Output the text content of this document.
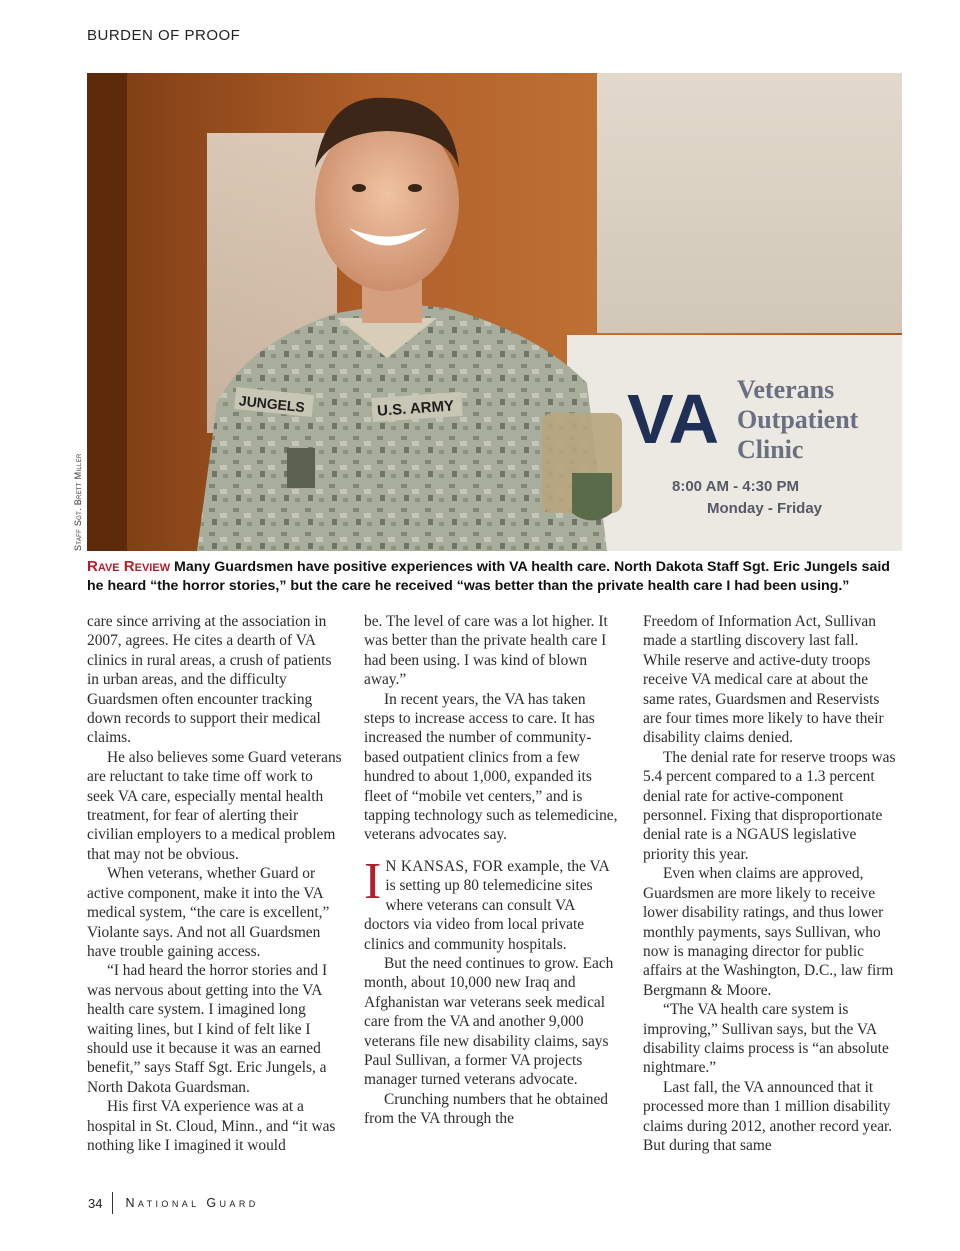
BURDEN OF PROOF
VA Veterans
Outpatient
Clinic
8:00 AM - 4:30 PM
Monday - Friday
JUNGELS	U.S. ARMY
Staff Sgt. Brett Miller
Rave Review Many Guardsmen have positive experiences with VA health care. North Dakota Staff Sgt. Eric Jungels said he heard “the horror stories,” but the care he received “was better than the private health care I had been using.”

care since arriving at the association in 2007, agrees. He cites a dearth of VA clinics in rural areas, a crush of patients in urban areas, and the difficulty Guardsmen often encounter tracking down records to support their medical claims.

He also believes some Guard veterans are reluctant to take time off work to seek VA care, especially mental health treatment, for fear of alerting their civilian employers to a medical problem that may not be obvious.

When veterans, whether Guard or active component, make it into the VA medical system, “the care is excellent,” Violante says. And not all Guardsmen have trouble gaining access.

“I had heard the horror stories and I was nervous about getting into the VA health care system. I imagined long waiting lines, but I kind of felt like I should use it because it was an earned benefit,” says Staff Sgt. Eric Jungels, a North Dakota Guardsman.

His first VA experience was at a hospital in St. Cloud, Minn., and “it was nothing like I imagined it would

be. The level of care was a lot higher. It was better than the private health care I had been using. I was kind of blown away.”

In recent years, the VA has taken steps to increase access to care. It has increased the number of community-based outpatient clinics from a few hundred to about 1,000, expanded its fleet of “mobile vet centers,” and is tapping technology such as telemedicine, veterans advocates say.

I N KANSAS, FOR example, the VA is setting up 80 telemedicine sites where veterans can consult VA doctors via video from local private clinics and community hospitals.

But the need continues to grow. Each month, about 10,000 new Iraq and Afghanistan war veterans seek medical care from the VA and another 9,000 veterans file new disability claims, says Paul Sullivan, a former VA projects manager turned veterans advocate.

Crunching numbers that he obtained from the VA through the

Freedom of Information Act, Sullivan made a startling discovery last fall. While reserve and active-duty troops receive VA medical care at about the same rates, Guardsmen and Reservists are four times more likely to have their disability claims denied.

The denial rate for reserve troops was 5.4 percent compared to a 1.3 percent denial rate for active-component personnel. Fixing that disproportionate denial rate is a NGAUS legislative priority this year.

Even when claims are approved, Guardsmen are more likely to receive lower disability ratings, and thus lower monthly payments, says Sullivan, who now is managing director for public affairs at the Washington, D.C., law firm Bergmann & Moore.

“The VA health care system is improving,” Sullivan says, but the VA disability claims process is “an absolute nightmare.”

Last fall, the VA announced that it processed more than 1 million disability claims during 2012, another record year. But during that same

34 National Guard
